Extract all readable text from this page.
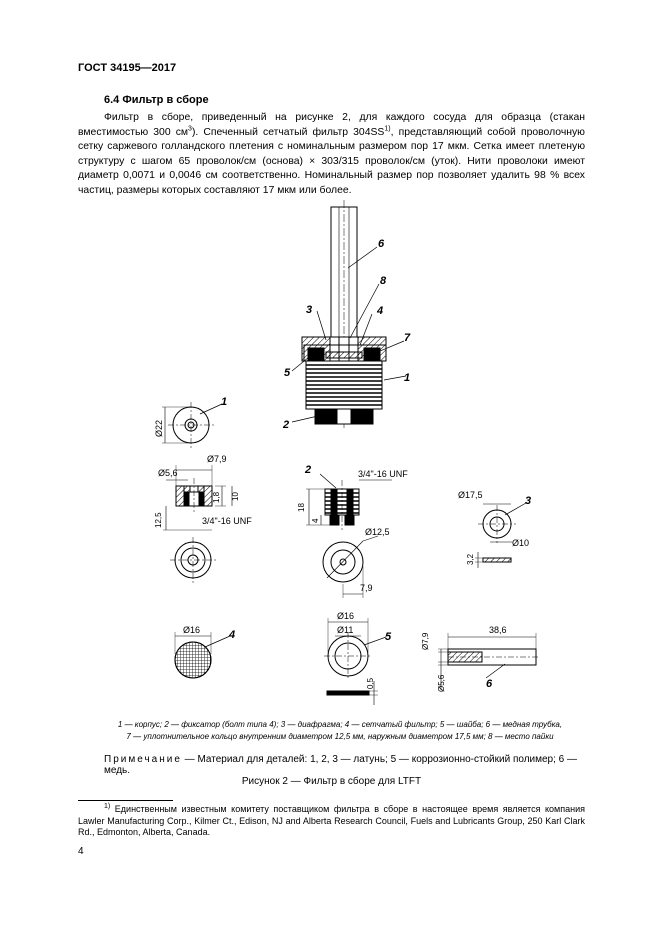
ГОСТ 34195—2017
6.4 Фильтр в сборе

Фильтр в сборе, приведенный на рисунке 2, для каждого сосуда для образца (стакан вместимостью 300 $см^3$). Спеченный сетчатый фильтр 304SS$^{1)}$, представляющий собой проволочную сетку саржевого голландского плетения с номинальным размером пор 17 мкм. Сетка имеет плетеную структуру с шагом 65 проволок/см (основа) × 303/315 проволок/см (уток). Нити проволоки имеют диаметр 0,0071 и 0,0046 см соответственно. Номинальный размер пор позволяет удалить 98 % всех частиц, размеры которых составляют 17 мкм или более.

6
8
3	4
7
1
5
2
Ø22
1
Ø7,9
Ø5,6
1,8 10
12,5	3/4"-16 UNF
2	3/4"-16 UNF
18
4
Ø12,5
7,9
Ø17,5	3
Ø10
3,2
Ø16	4
Ø16
Ø11
5
0,5
38,6
Ø7,9
Ø5,6	6
1 — корпус; 2 — фиксатор (болт типа 4); 3 — диафрагма; 4 — сетчатый фильтр; 5 — шайба; 6 — медная трубка,
7 — уплотнительное кольцо внутренним диаметром 12,5 мм, наружным диаметром 17,5 мм; 8 — место пайки
Примечание — Материал для деталей: 1, 2, 3 — латунь; 5 — коррозионно-стойкий полимер; 6 — медь.
Рисунок 2 — Фильтр в сборе для LTFT

$^{1)}$ Единственным известным комитету поставщиком фильтра в сборе в настоящее время является компания Lawler Manufacturing Corp., Kilmer Ct., Edison, NJ and Alberta Research Council, Fuels and Lubricants Group, 250 Karl Clark Rd., Edmonton, Alberta, Canada.

4
